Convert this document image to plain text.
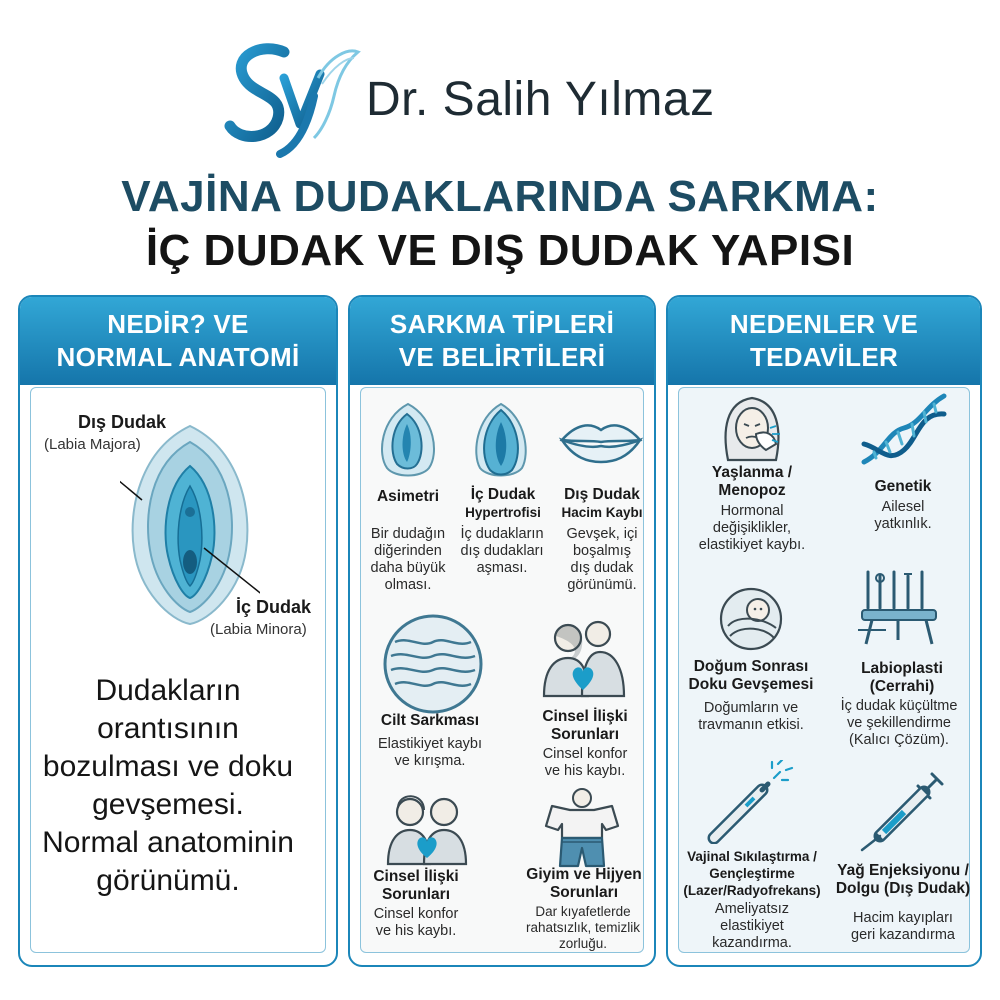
Dr. Salih Yılmaz
VAJİNA DUDAKLARINDA SARKMA:
İÇ DUDAK VE DIŞ DUDAK YAPISI
NEDİR? VE
NORMAL ANATOMİ
Dış Dudak
(Labia Majora)
İç Dudak
(Labia Minora)
Dudakların
orantısının
bozulması ve doku
gevşemesi.
Normal anatominin
görünümü.
SARKMA TİPLERİ
VE BELİRTİLERİ
Asimetri
Bir dudağın
diğerinden
daha büyük
olması.
İç Dudak
Hypertrofisi
İç dudakların
dış dudakları
aşması.
Dış Dudak
Hacim Kaybı
Gevşek, içi
boşalmış
dış dudak
görünümü.
Cilt Sarkması
Elastikiyet kaybı
ve kırışma.
Cinsel İlişki
Sorunları
Cinsel konfor
ve his kaybı.
Cinsel İlişki
Sorunları
Cinsel konfor
ve his kaybı.
Giyim ve Hijyen
Sorunları
Dar kıyafetlerde
rahatsızlık, temizlik
zorluğu.
NEDENLER VE
TEDAVİLER
Yaşlanma /
Menopoz
Hormonal
değişiklikler,
elastikiyet kaybı.
Genetik
Ailesel
yatkınlık.
Doğum Sonrası
Doku Gevşemesi
Doğumların ve
travmanın etkisi.
Labioplasti
(Cerrahi)
İç dudak küçültme
ve şekillendirme
(Kalıcı Çözüm).
Vajinal Sıkılaştırma /
Gençleştirme
(Lazer/Radyofrekans)
Ameliyatsız
elastikiyet
kazandırma.
Yağ Enjeksiyonu /
Dolgu (Dış Dudak)
Hacim kayıpları
geri kazandırma
